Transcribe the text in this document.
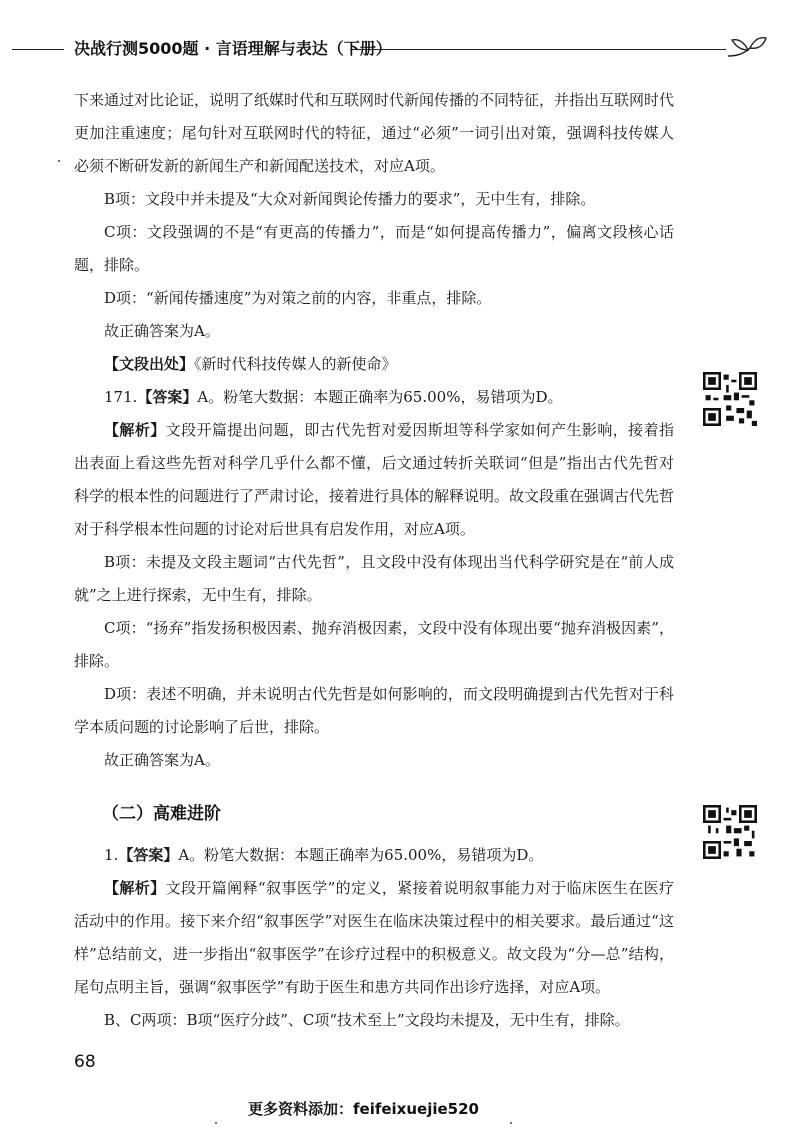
决战行测5000题 · 言语理解与表达（下册）

下来通过对比论证，说明了纸媒时代和互联网时代新闻传播的不同特征，并指出互联网时代更加注重速度；尾句针对互联网时代的特征，通过“必须”一词引出对策，强调科技传媒人必须不断研发新的新闻生产和新闻配送技术，对应A项。

B项：文段中并未提及“大众对新闻舆论传播力的要求”，无中生有，排除。

C项：文段强调的不是“有更高的传播力”，而是“如何提高传播力”，偏离文段核心话题，排除。

D项：“新闻传播速度”为对策之前的内容，非重点，排除。

故正确答案为A。

【文段出处】《新时代科技传媒人的新使命》

171.【答案】A。粉笔大数据：本题正确率为65.00%，易错项为D。

【解析】文段开篇提出问题，即古代先哲对爱因斯坦等科学家如何产生影响，接着指出表面上看这些先哲对科学几乎什么都不懂，后文通过转折关联词“但是”指出古代先哲对科学的根本性的问题进行了严肃讨论，接着进行具体的解释说明。故文段重在强调古代先哲对于科学根本性问题的讨论对后世具有启发作用，对应A项。

B项：未提及文段主题词“古代先哲”，且文段中没有体现出当代科学研究是在“前人成就”之上进行探索，无中生有，排除。

C项：“扬弃”指发扬积极因素、抛弃消极因素，文段中没有体现出要“抛弃消极因素”，排除。

D项：表述不明确，并未说明古代先哲是如何影响的，而文段明确提到古代先哲对于科学本质问题的讨论影响了后世，排除。

故正确答案为A。

（二）高难进阶

1.【答案】A。粉笔大数据：本题正确率为65.00%，易错项为D。

【解析】文段开篇阐释“叙事医学”的定义，紧接着说明叙事能力对于临床医生在医疗活动中的作用。接下来介绍“叙事医学”对医生在临床决策过程中的相关要求。最后通过“这样”总结前文，进一步指出“叙事医学”在诊疗过程中的积极意义。故文段为“分—总”结构，尾句点明主旨，强调“叙事医学”有助于医生和患方共同作出诊疗选择，对应A项。

B、C两项：B项“医疗分歧”、C项“技术至上”文段均未提及，无中生有，排除。

68
更多资料添加：feifeixuejie520
